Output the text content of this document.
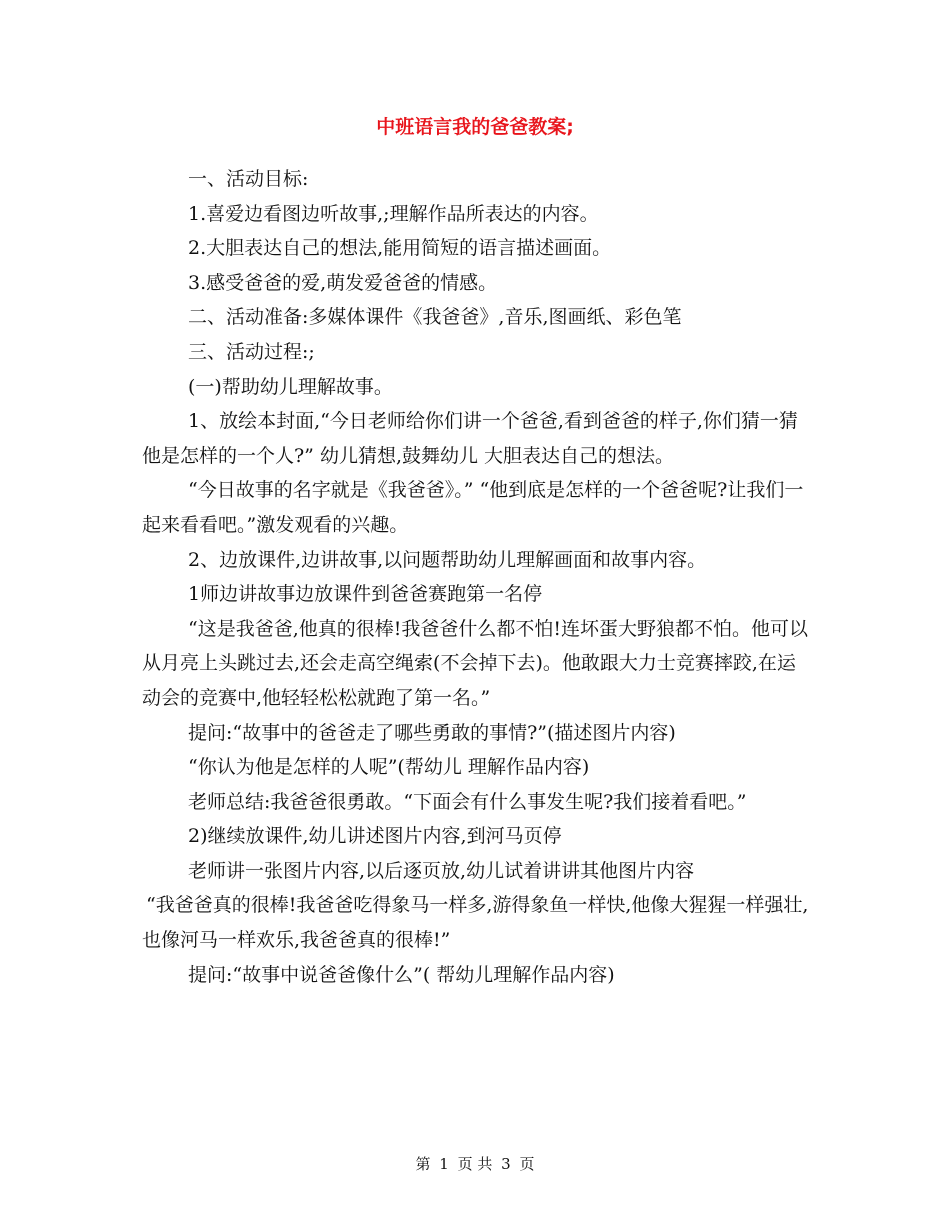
中班语言我的爸爸教案;

一、活动目标:

1.喜爱边看图边听故事,;理解作品所表达的内容。

2.大胆表达自己的想法,能用简短的语言描述画面。

3.感受爸爸的爱,萌发爱爸爸的情感。

二、活动准备:多媒体课件《我爸爸》,音乐,图画纸、彩色笔

三、活动过程:;

(一)帮助幼儿理解故事。

1、放绘本封面,“今日老师给你们讲一个爸爸,看到爸爸的样子,你们猜一猜他是怎样的一个人?” 幼儿猜想,鼓舞幼儿 大胆表达自己的想法。

“今日故事的名字就是《我爸爸》。” “他到底是怎样的一个爸爸呢?让我们一起来看看吧。”激发观看的兴趣。

2、边放课件,边讲故事,以问题帮助幼儿理解画面和故事内容。

1师边讲故事边放课件到爸爸赛跑第一名停

“这是我爸爸,他真的很棒!我爸爸什么都不怕!连坏蛋大野狼都不怕。他可以从月亮上头跳过去,还会走高空绳索(不会掉下去)。他敢跟大力士竞赛摔跤,在运动会的竞赛中,他轻轻松松就跑了第一名。”

提问:“故事中的爸爸走了哪些勇敢的事情?”(描述图片内容)

“你认为他是怎样的人呢”(帮幼儿 理解作品内容)

老师总结:我爸爸很勇敢。“下面会有什么事发生呢?我们接着看吧。”

2)继续放课件,幼儿讲述图片内容,到河马页停

老师讲一张图片内容,以后逐页放,幼儿试着讲讲其他图片内容

“我爸爸真的很棒!我爸爸吃得象马一样多,游得象鱼一样快,他像大猩猩一样强壮,也像河马一样欢乐,我爸爸真的很棒!”

提问:“故事中说爸爸像什么”( 帮幼儿理解作品内容)

第 1 页 共 3 页
